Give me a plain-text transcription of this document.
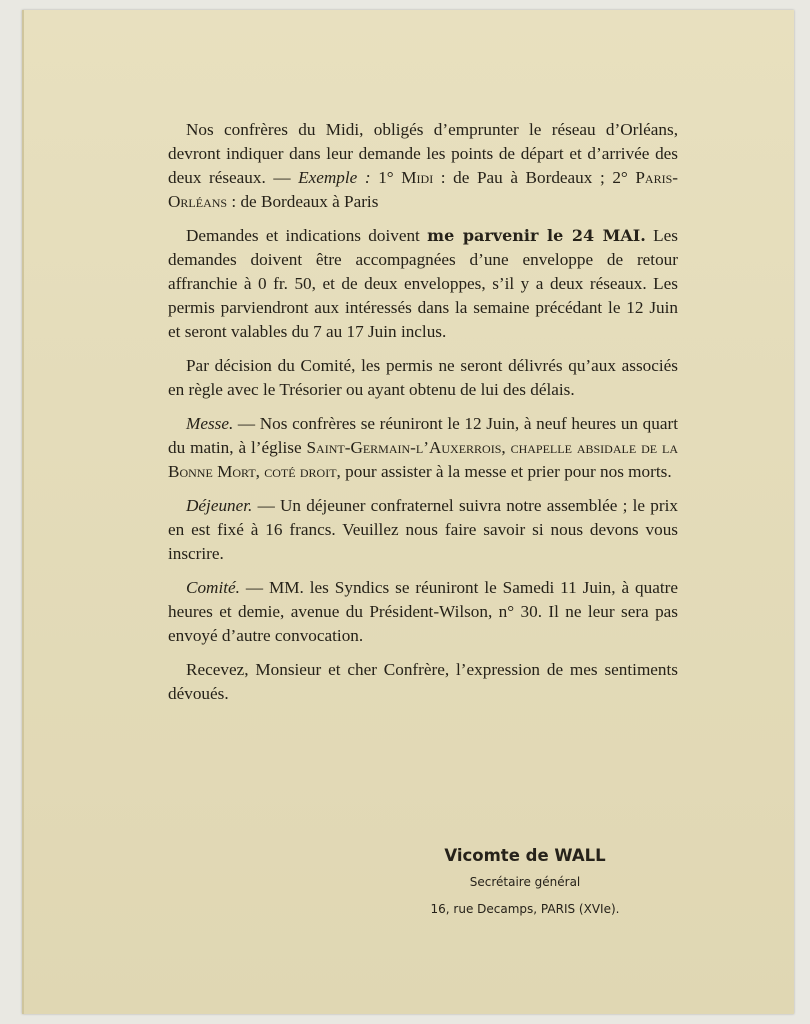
Nos confrères du Midi, obligés d’emprunter le réseau d’Orléans, devront indiquer dans leur demande les points de départ et d’arrivée des deux réseaux. — Exemple : 1° Midi : de Pau à Bordeaux ; 2° Paris-Orléans : de Bordeaux à Paris

Demandes et indications doivent me parvenir le 24 MAI. Les demandes doivent être accompagnées d’une enveloppe de retour affranchie à 0 fr. 50, et de deux enveloppes, s’il y a deux réseaux. Les permis parviendront aux intéressés dans la semaine précédant le 12 Juin et seront valables du 7 au 17 Juin inclus.

Par décision du Comité, les permis ne seront délivrés qu’aux associés en règle avec le Trésorier ou ayant obtenu de lui des délais.

Messe. — Nos confrères se réuniront le 12 Juin, à neuf heures un quart du matin, à l’église Saint-Germain-l’Auxerrois, chapelle absidale de la Bonne Mort, coté droit, pour assister à la messe et prier pour nos morts.

Déjeuner. — Un déjeuner confraternel suivra notre assemblée ; le prix en est fixé à 16 francs. Veuillez nous faire savoir si nous devons vous inscrire.

Comité. — MM. les Syndics se réuniront le Samedi 11 Juin, à quatre heures et demie, avenue du Président-Wilson, n° 30. Il ne leur sera pas envoyé d’autre convocation.

Recevez, Monsieur et cher Confrère, l’expression de mes sentiments dévoués.

Vicomte de WALL
Secrétaire général
16, rue Decamps, PARIS (XVIe).
